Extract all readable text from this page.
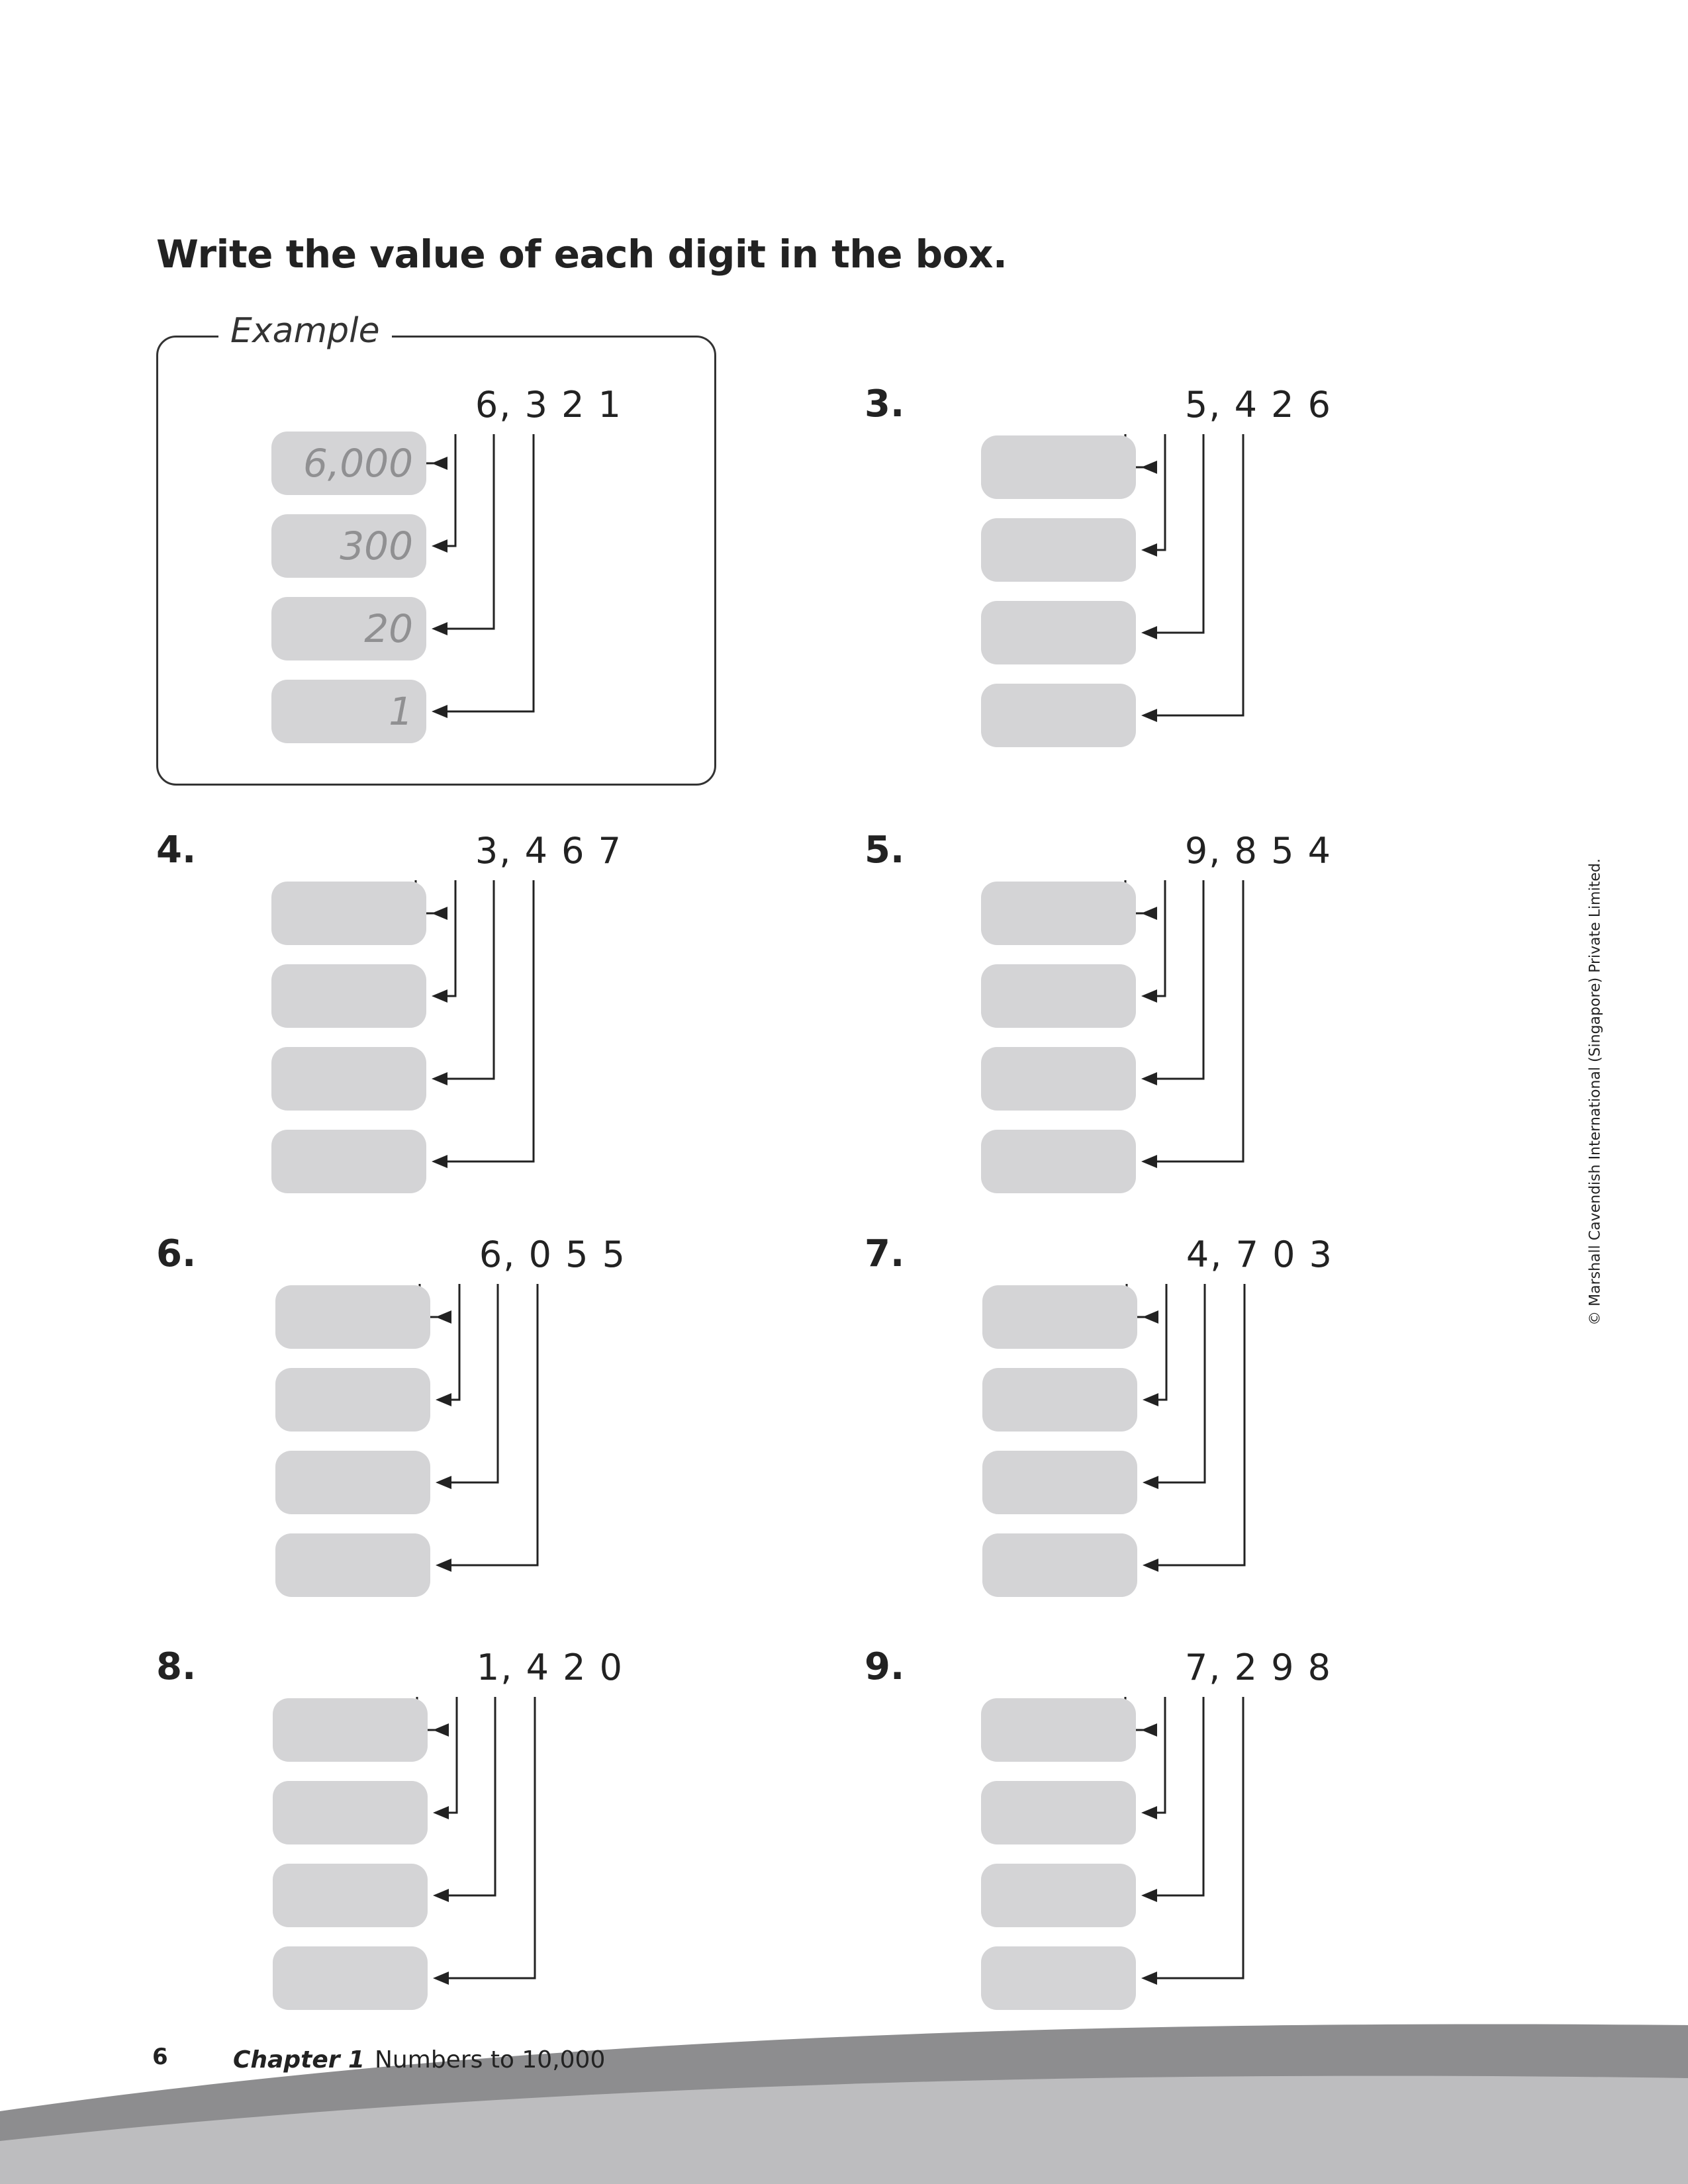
Write the value of each digit in the box.
Example
6, 3 2 1
6,000
300
20
1
3.	5, 4 2 6
4.	3, 4 6 7	5.	9, 8 5 4
6.	6, 0 5 5	7.	4, 7 0 3
8.	1, 4 2 0	9.	7, 2 9 8
© Marshall Cavendish International (Singapore) Private Limited.
6	Chapter 1 Numbers to 10,000
